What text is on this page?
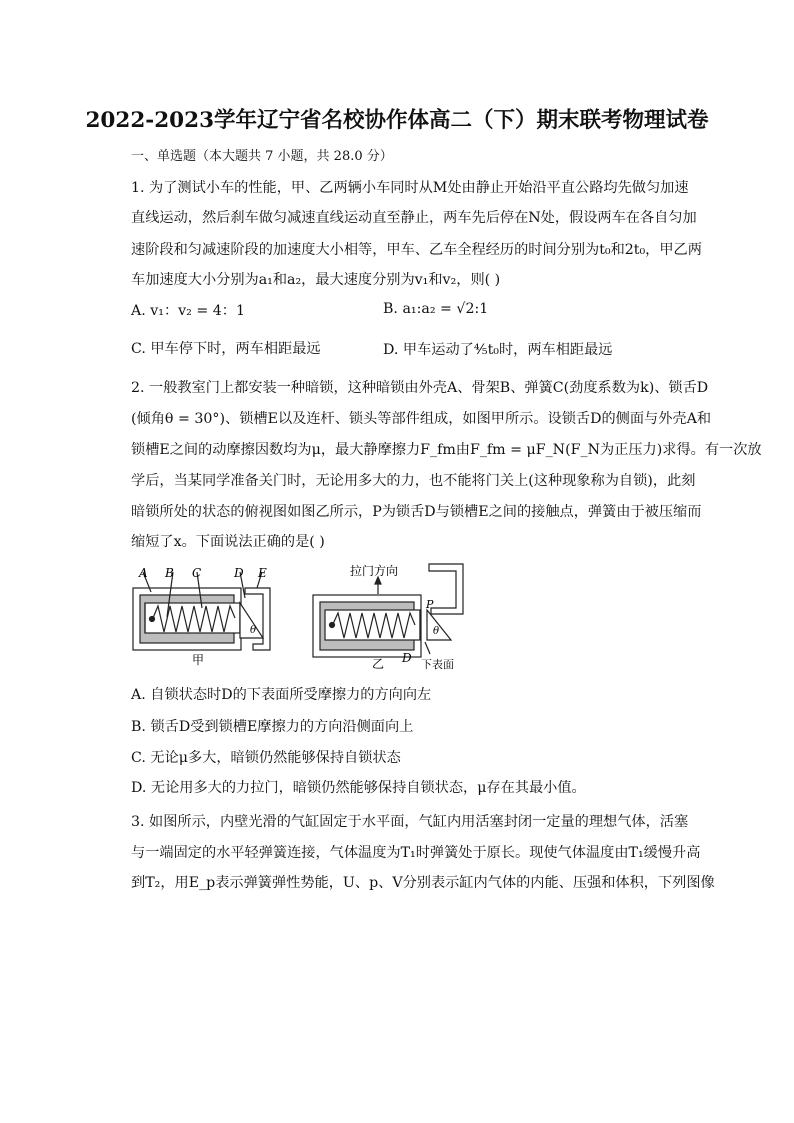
2022-2023学年辽宁省名校协作体高二（下）期末联考物理试卷
一、单选题（本大题共 7 小题，共 28.0 分）
1. 为了测试小车的性能，甲、乙两辆小车同时从M处由静止开始沿平直公路均先做匀加速
直线运动，然后刹车做匀减速直线运动直至静止，两车先后停在N处，假设两车在各自匀加
速阶段和匀减速阶段的加速度大小相等，甲车、乙车全程经历的时间分别为t₀和2t₀，甲乙两
车加速度大小分别为a₁和a₂，最大速度分别为v₁和v₂，则( )
A. v₁：v₂ = 4：1	B. a₁:a₂ = √2:1
C. 甲车停下时，两车相距最远	D. 甲车运动了⁴⁄₅t₀时，两车相距最远
2. 一般教室门上都安装一种暗锁，这种暗锁由外壳A、骨架B、弹簧C(劲度系数为k)、锁舌D
(倾角θ = 30°)、锁槽E以及连杆、锁头等部件组成，如图甲所示。设锁舌D的侧面与外壳A和
锁槽E之间的动摩擦因数均为μ，最大静摩擦力F_fm由F_fm = μF_N(F_N为正压力)求得。有一次放
学后，当某同学准备关门时，无论用多大的力，也不能将门关上(这种现象称为自锁)，此刻
暗锁所处的状态的俯视图如图乙所示，P为锁舌D与锁槽E之间的接触点，弹簧由于被压缩而
缩短了x。下面说法正确的是( )
A B C	D E
θ
甲
拉门方向
P
θ
乙 D 下表面
A. 自锁状态时D的下表面所受摩擦力的方向向左
B. 锁舌D受到锁槽E摩擦力的方向沿侧面向上
C. 无论μ多大，暗锁仍然能够保持自锁状态
D. 无论用多大的力拉门，暗锁仍然能够保持自锁状态，μ存在其最小值。
3. 如图所示，内壁光滑的气缸固定于水平面，气缸内用活塞封闭一定量的理想气体，活塞
与一端固定的水平轻弹簧连接，气体温度为T₁时弹簧处于原长。现使气体温度由T₁缓慢升高
到T₂，用E_p表示弹簧弹性势能，U、p、V分别表示缸内气体的内能、压强和体积，下列图像
